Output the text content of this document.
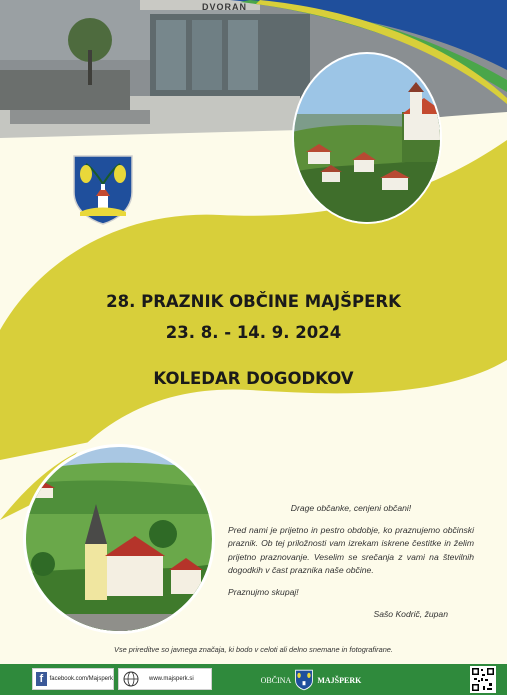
28. PRAZNIK OBČINE MAJŠPERK
23. 8. - 14. 9. 2024
KOLEDAR DOGODKOV

Drage občanke, cenjeni občani!

Pred nami je prijetno in pestro obdobje, ko praznujemo občinski praznik. Ob tej priložnosti vam izrekam iskrene čestitke in želim prijetno praznovanje. Veselim se srečanja z vami na številnih dogodkih v čast praznika naše občine.

Praznujmo skupaj!

Sašo Kodrič, župan

Vse prireditve so javnega značaja, ki bodo v celoti ali delno snemane in fotografirane.
f	facebook.com/Majsperk	www.majsperk.si	OBČINA	MAJŠPERK
DVORAN
